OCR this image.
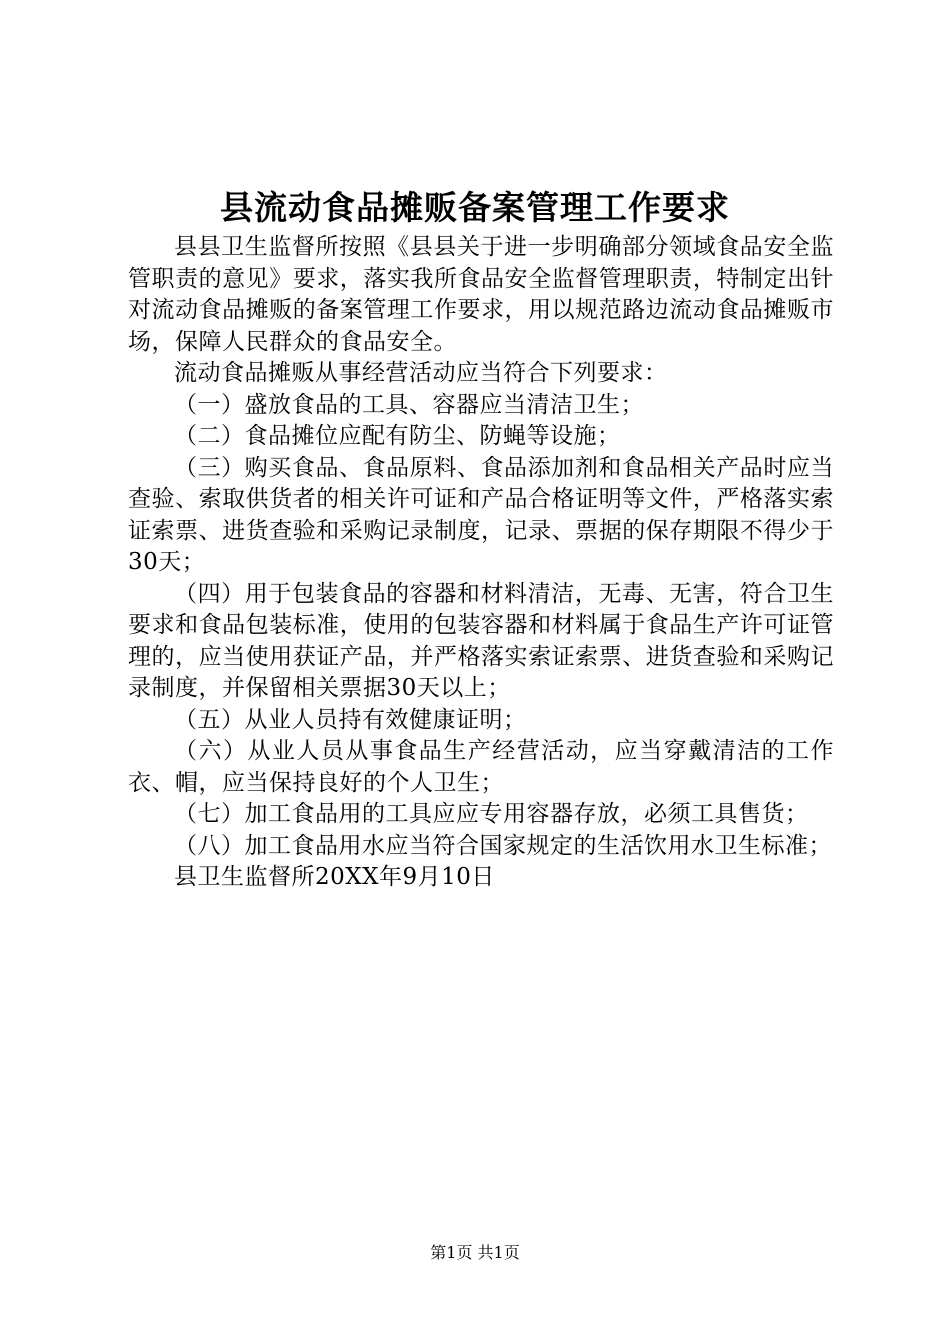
县流动食品摊贩备案管理工作要求

县县卫生监督所按照《县县关于进一步明确部分领域食品安全监管职责的意见》要求，落实我所食品安全监督管理职责，特制定出针对流动食品摊贩的备案管理工作要求，用以规范路边流动食品摊贩市场，保障人民群众的食品安全。

流动食品摊贩从事经营活动应当符合下列要求：

（一）盛放食品的工具、容器应当清洁卫生；

（二）食品摊位应配有防尘、防蝇等设施；

（三）购买食品、食品原料、食品添加剂和食品相关产品时应当查验、索取供货者的相关许可证和产品合格证明等文件，严格落实索证索票、进货查验和采购记录制度，记录、票据的保存期限不得少于30天；

（四）用于包装食品的容器和材料清洁，无毒、无害，符合卫生要求和食品包装标准，使用的包装容器和材料属于食品生产许可证管理的，应当使用获证产品，并严格落实索证索票、进货查验和采购记录制度，并保留相关票据30天以上；

（五）从业人员持有效健康证明；

（六）从业人员从事食品生产经营活动，应当穿戴清洁的工作衣、帽，应当保持良好的个人卫生；

（七）加工食品用的工具应应专用容器存放，必须工具售货；

（八）加工食品用水应当符合国家规定的生活饮用水卫生标准；

县卫生监督所20XX年9月10日

第1页 共1页
